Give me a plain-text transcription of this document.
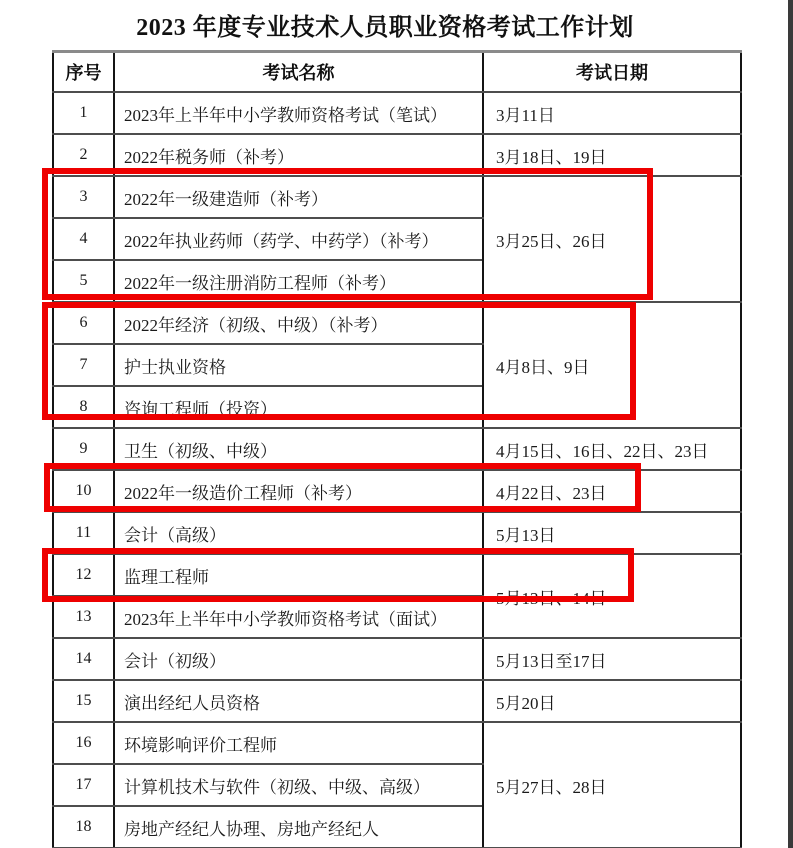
2023 年度专业技术人员职业资格考试工作计划
序号	考试名称	考试日期
1	2023年上半年中小学教师资格考试（笔试）	3月11日
2	2022年税务师（补考）	3月18日、19日
3	2022年一级建造师（补考）	3月25日、26日
4	2022年执业药师（药学、中药学）（补考）	
5	2022年一级注册消防工程师（补考）	
6	2022年经济（初级、中级）（补考）	4月8日、9日
7	护士执业资格	
8	咨询工程师（投资）	
9	卫生（初级、中级）	4月15日、16日、22日、23日
10	2022年一级造价工程师（补考）	4月22日、23日
11	会计（高级）	5月13日
12	监理工程师	5月13日、14日
13	2023年上半年中小学教师资格考试（面试）	
14	会计（初级）	5月13日至17日
15	演出经纪人员资格	5月20日
16	环境影响评价工程师	5月27日、28日
17	计算机技术与软件（初级、中级、高级）	
18	房地产经纪人协理、房地产经纪人	
